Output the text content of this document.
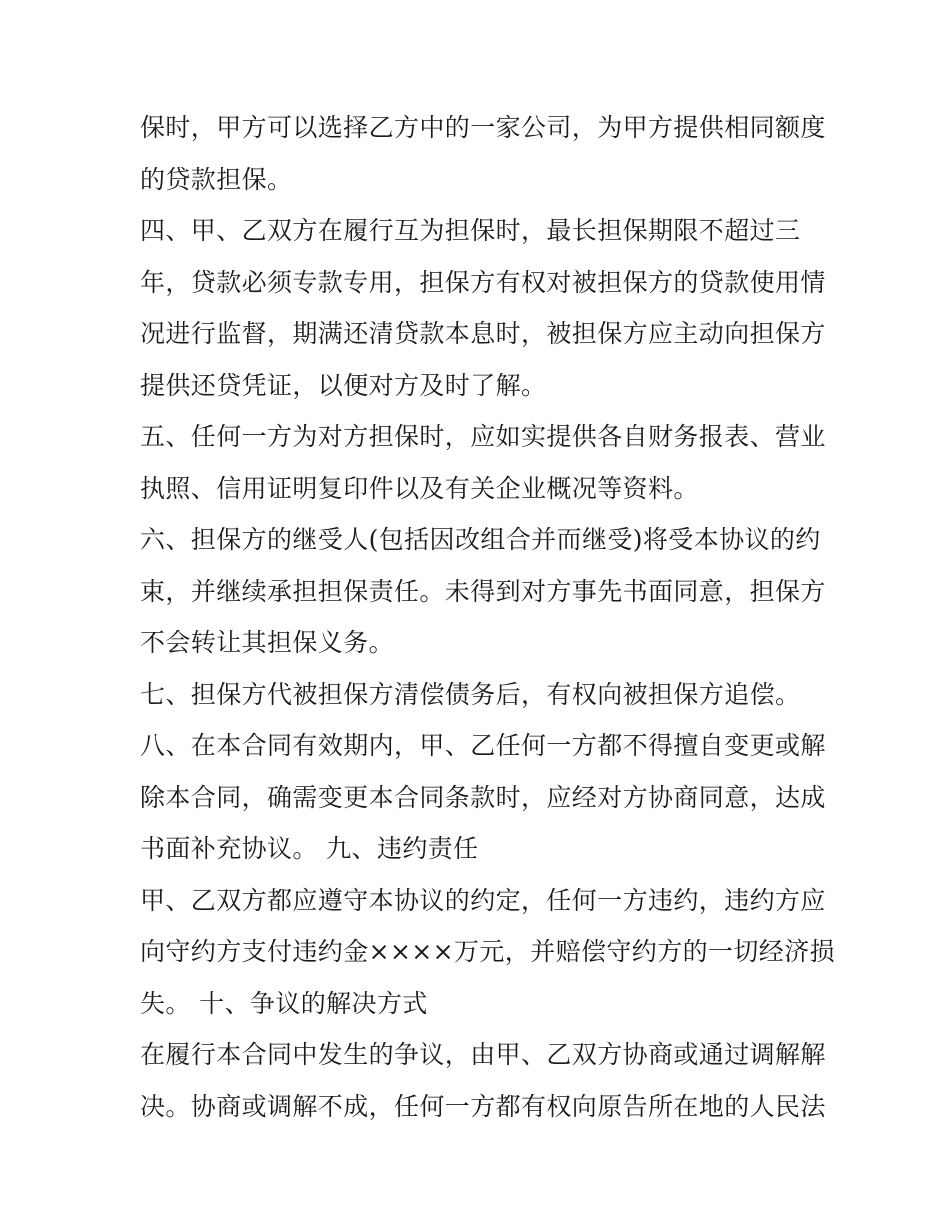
保时，甲方可以选择乙方中的一家公司，为甲方提供相同额度
的贷款担保。
四、甲、乙双方在履行互为担保时，最长担保期限不超过三
年，贷款必须专款专用，担保方有权对被担保方的贷款使用情
况进行监督，期满还清贷款本息时，被担保方应主动向担保方
提供还贷凭证，以便对方及时了解。
五、任何一方为对方担保时，应如实提供各自财务报表、营业
执照、信用证明复印件以及有关企业概况等资料。
六、担保方的继受人(包括因改组合并而继受)将受本协议的约
束，并继续承担担保责任。未得到对方事先书面同意，担保方
不会转让其担保义务。
七、担保方代被担保方清偿债务后，有权向被担保方追偿。
八、在本合同有效期内，甲、乙任何一方都不得擅自变更或解
除本合同，确需变更本合同条款时，应经对方协商同意，达成
书面补充协议。 九、违约责任
甲、乙双方都应遵守本协议的约定，任何一方违约，违约方应
向守约方支付违约金××××万元，并赔偿守约方的一切经济损
失。 十、争议的解决方式
在履行本合同中发生的争议，由甲、乙双方协商或通过调解解
决。协商或调解不成，任何一方都有权向原告所在地的人民法
